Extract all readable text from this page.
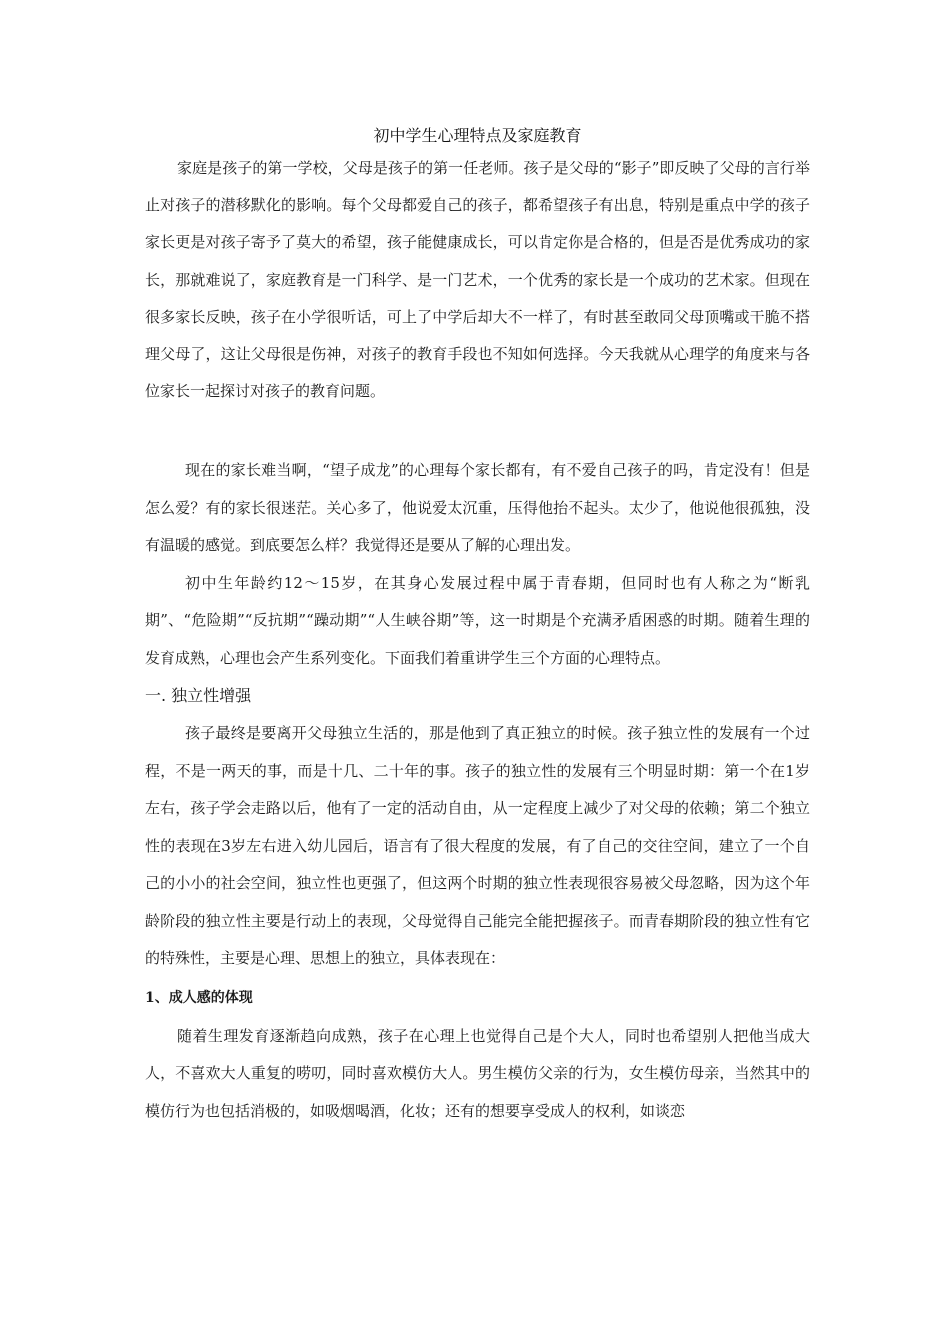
初中学生心理特点及家庭教育

家庭是孩子的第一学校，父母是孩子的第一任老师。孩子是父母的“影子”即反映了父母的言行举止对孩子的潜移默化的影响。每个父母都爱自己的孩子，都希望孩子有出息，特别是重点中学的孩子家长更是对孩子寄予了莫大的希望，孩子能健康成长，可以肯定你是合格的，但是否是优秀成功的家长，那就难说了，家庭教育是一门科学、是一门艺术，一个优秀的家长是一个成功的艺术家。但现在很多家长反映，孩子在小学很听话，可上了中学后却大不一样了，有时甚至敢同父母顶嘴或干脆不搭理父母了，这让父母很是伤神，对孩子的教育手段也不知如何选择。今天我就从心理学的角度来与各位家长一起探讨对孩子的教育问题。

现在的家长难当啊，“望子成龙”的心理每个家长都有，有不爱自己孩子的吗，肯定没有！但是怎么爱？有的家长很迷茫。关心多了，他说爱太沉重，压得他抬不起头。太少了，他说他很孤独，没有温暖的感觉。到底要怎么样？我觉得还是要从了解的心理出发。

初中生年龄约12～15岁，在其身心发展过程中属于青春期，但同时也有人称之为“断乳期”、“危险期”“反抗期”“躁动期”“人生峡谷期”等，这一时期是个充满矛盾困惑的时期。随着生理的发育成熟，心理也会产生系列变化。下面我们着重讲学生三个方面的心理特点。

一. 独立性增强

孩子最终是要离开父母独立生活的，那是他到了真正独立的时候。孩子独立性的发展有一个过程，不是一两天的事，而是十几、二十年的事。孩子的独立性的发展有三个明显时期：第一个在1岁左右，孩子学会走路以后，他有了一定的活动自由，从一定程度上减少了对父母的依赖；第二个独立性的表现在3岁左右进入幼儿园后，语言有了很大程度的发展，有了自己的交往空间，建立了一个自己的小小的社会空间，独立性也更强了，但这两个时期的独立性表现很容易被父母忽略，因为这个年龄阶段的独立性主要是行动上的表现，父母觉得自己能完全能把握孩子。而青春期阶段的独立性有它的特殊性，主要是心理、思想上的独立，具体表现在：

1、成人感的体现

随着生理发育逐渐趋向成熟，孩子在心理上也觉得自己是个大人，同时也希望别人把他当成大人，不喜欢大人重复的唠叨，同时喜欢模仿大人。男生模仿父亲的行为，女生模仿母亲，当然其中的模仿行为也包括消极的，如吸烟喝酒，化妆；还有的想要享受成人的权利，如谈恋
